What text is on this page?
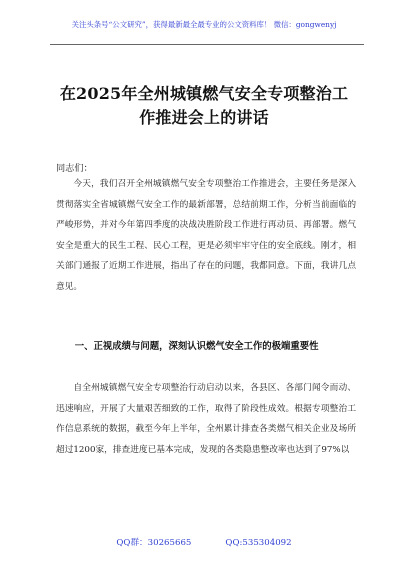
关注头条号“公文研究”，获得最新最全最专业的公文资料库！ 微信：gongwenyj
在2025年全州城镇燃气安全专项整治工作推进会上的讲话
同志们：

今天，我们召开全州城镇燃气安全专项整治工作推进会，主要任务是深入贯彻落实全省城镇燃气安全工作的最新部署，总结前期工作，分析当前面临的严峻形势，并对今年第四季度的决战决胜阶段工作进行再动员、再部署。燃气安全是重大的民生工程、民心工程，更是必须牢牢守住的安全底线。刚才，相关部门通报了近期工作进展，指出了存在的问题，我都同意。下面，我讲几点意见。

一、正视成绩与问题，深刻认识燃气安全工作的极端重要性

自全州城镇燃气安全专项整治行动启动以来，各县区、各部门闻令而动、迅速响应，开展了大量艰苦细致的工作，取得了阶段性成效。根据专项整治工作信息系统的数据，截至今年上半年，全州累计排查各类燃气相关企业及场所超过1200家，排查进度已基本完成，发现的各类隐患整改率也达到了97%以

QQ群：30265665	QQ:535304092
